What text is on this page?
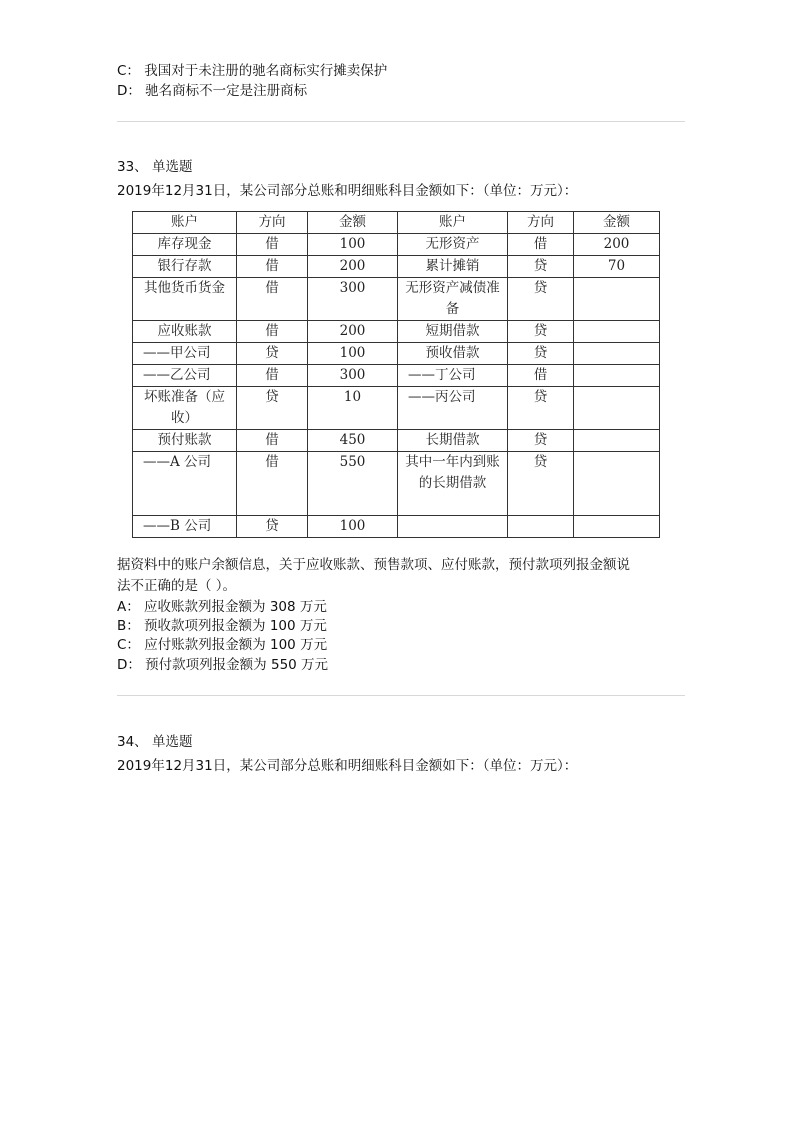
C： 我国对于未注册的驰名商标实行摊卖保护
D： 驰名商标不一定是注册商标
33、 单选题
2019年12月31日，某公司部分总账和明细账科目金额如下：（单位：万元）：
账户	方向	金额	账户	方向	金额
库存现金	借	100	无形资产	借	200
银行存款	借	200	累计摊销	贷	70
其他货币货金	借	300	无形资产减债准备	贷	
应收账款	借	200	短期借款	贷	
——甲公司	贷	100	预收借款	贷	
——乙公司	借	300	——丁公司	借	
坏账准备（应收）	贷	10	——丙公司	贷	
预付账款	借	450	长期借款	贷	
——A 公司	借	550	其中一年内到账的长期借款	贷	
——B 公司	贷	100			
据资料中的账户余额信息，关于应收账款、预售款项、应付账款，预付款项列报金额说
法不正确的是（ ）。
A： 应收账款列报金额为 308 万元
B： 预收款项列报金额为 100 万元
C： 应付账款列报金额为 100 万元
D： 预付款项列报金额为 550 万元
34、 单选题
2019年12月31日，某公司部分总账和明细账科目金额如下：（单位：万元）：
